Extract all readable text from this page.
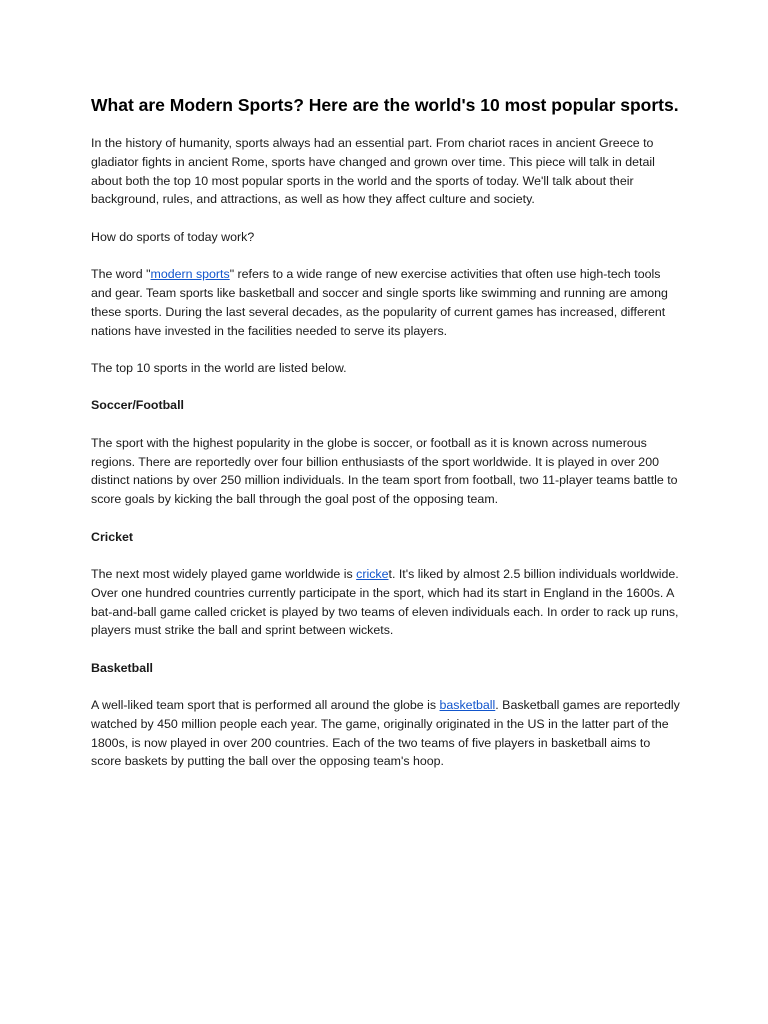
What are Modern Sports? Here are the world's 10 most popular sports.

In the history of humanity, sports always had an essential part. From chariot races in ancient Greece to gladiator fights in ancient Rome, sports have changed and grown over time. This piece will talk in detail about both the top 10 most popular sports in the world and the sports of today. We'll talk about their background, rules, and attractions, as well as how they affect culture and society.

How do sports of today work?

The word "modern sports" refers to a wide range of new exercise activities that often use high-tech tools and gear. Team sports like basketball and soccer and single sports like swimming and running are among these sports. During the last several decades, as the popularity of current games has increased, different nations have invested in the facilities needed to serve its players.

The top 10 sports in the world are listed below.

Soccer/Football

The sport with the highest popularity in the globe is soccer, or football as it is known across numerous regions. There are reportedly over four billion enthusiasts of the sport worldwide. It is played in over 200 distinct nations by over 250 million individuals. In the team sport from football, two 11-player teams battle to score goals by kicking the ball through the goal post of the opposing team.

Cricket

The next most widely played game worldwide is cricket. It's liked by almost 2.5 billion individuals worldwide. Over one hundred countries currently participate in the sport, which had its start in England in the 1600s. A bat-and-ball game called cricket is played by two teams of eleven individuals each. In order to rack up runs, players must strike the ball and sprint between wickets.

Basketball

A well-liked team sport that is performed all around the globe is basketball. Basketball games are reportedly watched by 450 million people each year. The game, originally originated in the US in the latter part of the 1800s, is now played in over 200 countries. Each of the two teams of five players in basketball aims to score baskets by putting the ball over the opposing team's hoop.
